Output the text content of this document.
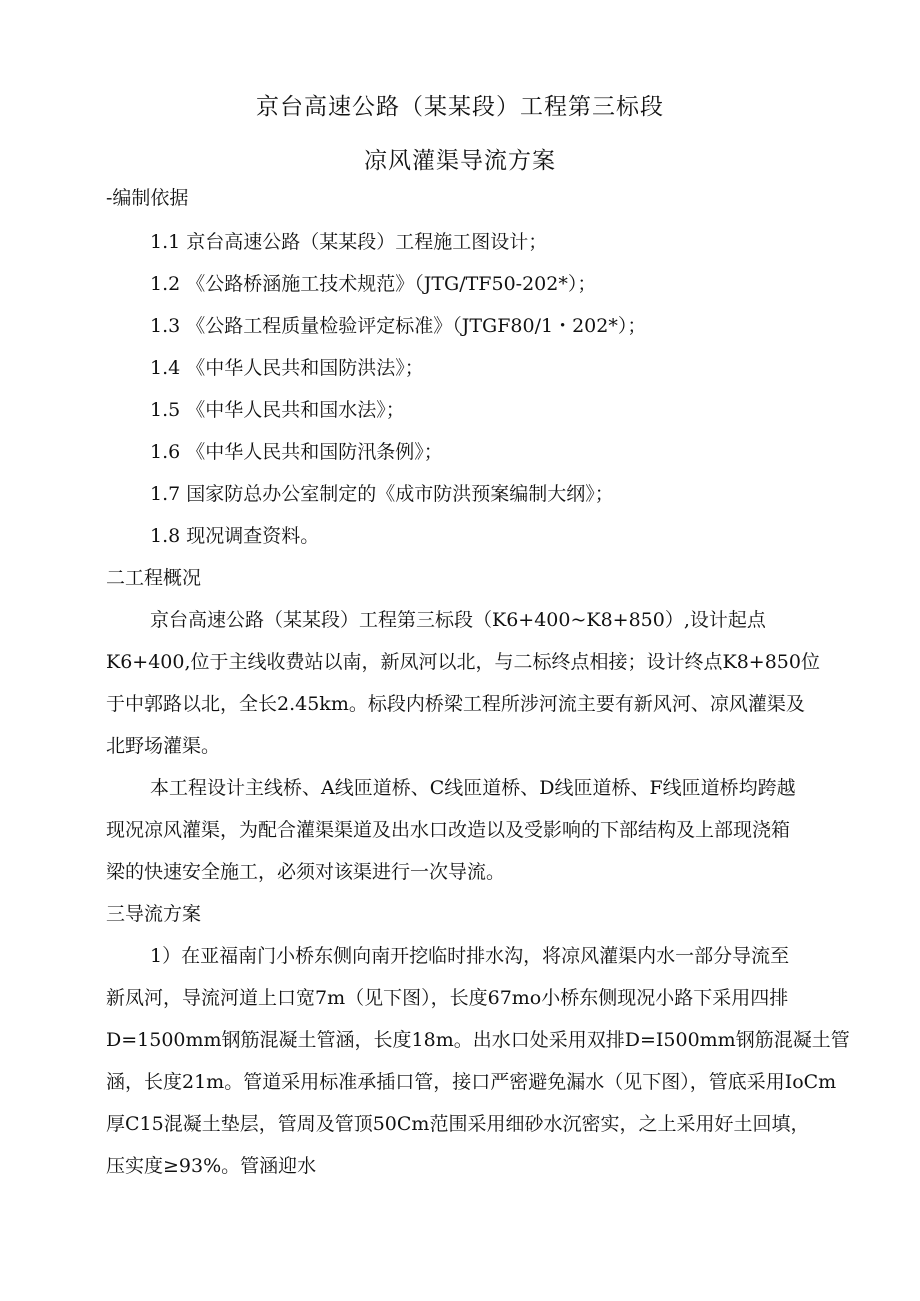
京台高速公路（某某段）工程第三标段
凉风灌渠导流方案
-编制依据
1.1 京台高速公路（某某段）工程施工图设计；
1.2 《公路桥涵施工技术规范》（JTG/TF50-202*）；
1.3 《公路工程质量检验评定标准》（JTGF80/1・202*）；
1.4 《中华人民共和国防洪法》；
1.5 《中华人民共和国水法》；
1.6 《中华人民共和国防汛条例》；
1.7 国家防总办公室制定的《成市防洪预案编制大纲》；
1.8 现况调查资料。
二工程概况
京台高速公路（某某段）工程第三标段（K6+400~K8+850）,设计起点
K6+400,位于主线收费站以南，新凤河以北，与二标终点相接；设计终点K8+850位
于中郭路以北，全长2.45km。标段内桥梁工程所涉河流主要有新风河、凉风灌渠及
北野场灌渠。
本工程设计主线桥、A线匝道桥、C线匝道桥、D线匝道桥、F线匝道桥均跨越
现况凉风灌渠，为配合灌渠渠道及出水口改造以及受影响的下部结构及上部现浇箱
梁的快速安全施工，必须对该渠进行一次导流。
三导流方案
1）在亚福南门小桥东侧向南开挖临时排水沟，将凉风灌渠内水一部分导流至
新凤河，导流河道上口宽7m（见下图），长度67mo小桥东侧现况小路下采用四排
D=1500mm钢筋混凝土管涵，长度18m。出水口处采用双排D=I500mm钢筋混凝土管
涵，长度21m。管道采用标准承插口管，接口严密避免漏水（见下图），管底采用IoCm
厚C15混凝土垫层，管周及管顶50Cm范围采用细砂水沉密实，之上采用好土回填，
压实度≥93%。管涵迎水
